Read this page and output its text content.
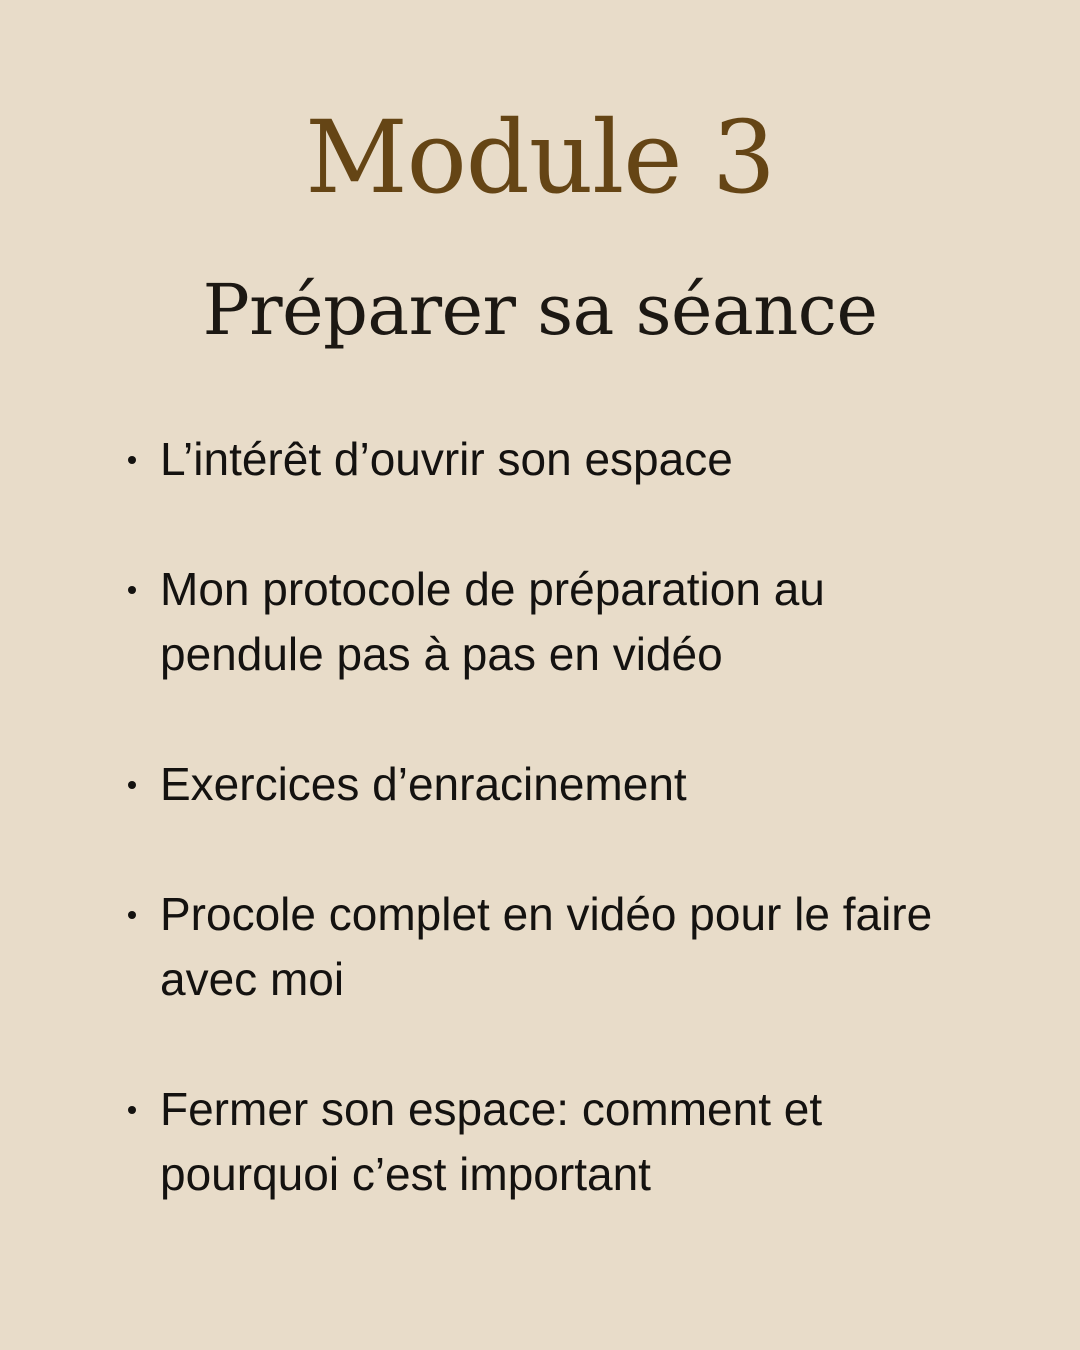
Module 3
Préparer sa séance
L’intérêt d’ouvrir son espace
Mon protocole de préparation au
pendule pas à pas en vidéo
Exercices d’enracinement
Procole complet en vidéo pour le faire
avec moi
Fermer son espace: comment et
pourquoi c’est important
